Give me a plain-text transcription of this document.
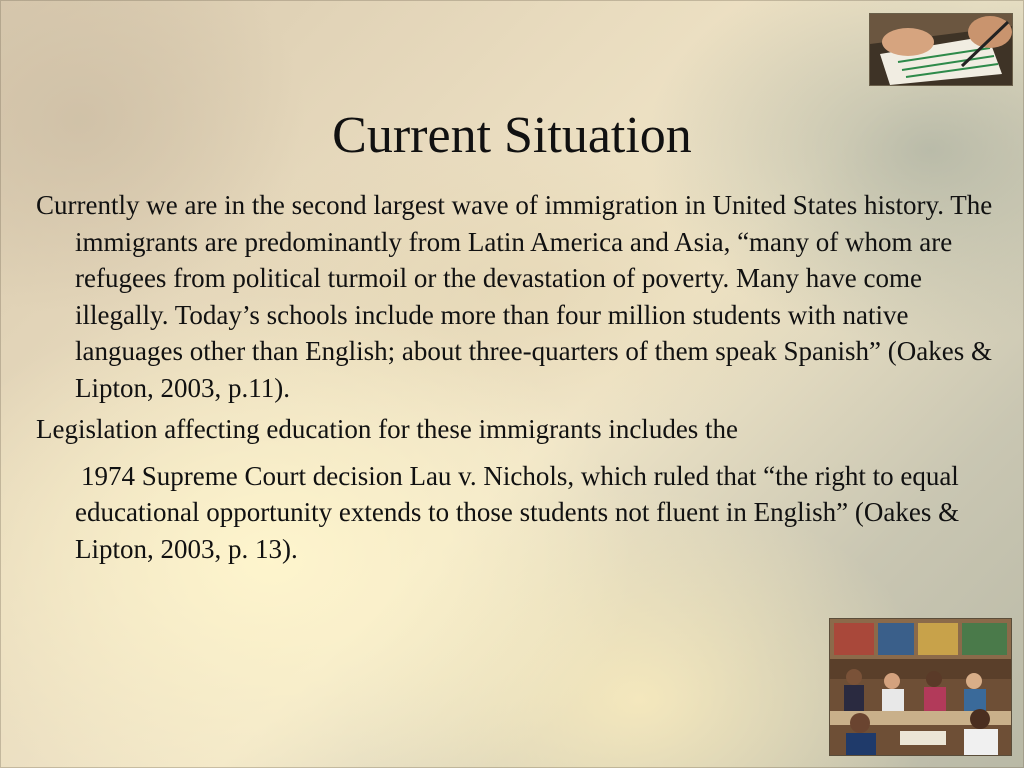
Current Situation

Currently we are in the second largest wave of immigration in United States history. The immigrants are predominantly from Latin America and Asia, “many of whom are refugees from political turmoil or the devastation of poverty. Many have come illegally. Today’s schools include more than four million students with native languages other than English; about three-quarters of them speak Spanish” (Oakes & Lipton, 2003, p.11).

Legislation affecting education for these immigrants includes the

1974 Supreme Court decision Lau v. Nichols, which ruled that “the right to equal educational opportunity extends to those students not fluent in English” (Oakes & Lipton, 2003, p. 13).
